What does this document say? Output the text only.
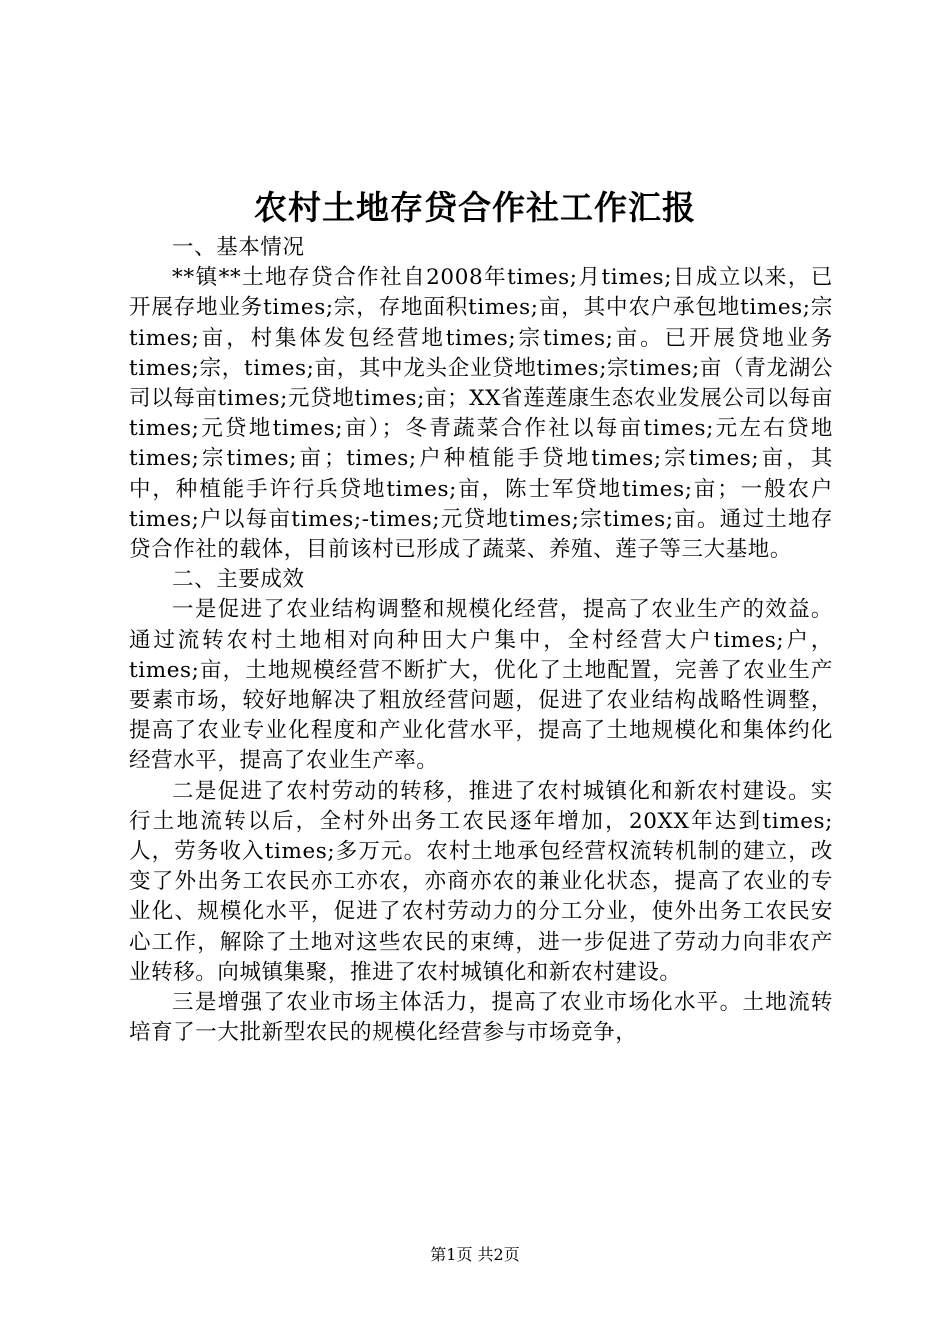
农村土地存贷合作社工作汇报

一、基本情况

**镇**土地存贷合作社自2008年times;月times;日成立以来，已开展存地业务times;宗，存地面积times;亩，其中农户承包地times;宗times;亩，村集体发包经营地times;宗times;亩。已开展贷地业务times;宗，times;亩，其中龙头企业贷地times;宗times;亩（青龙湖公司以每亩times;元贷地times;亩；XX省莲莲康生态农业发展公司以每亩times;元贷地times;亩）；冬青蔬菜合作社以每亩times;元左右贷地times;宗times;亩；times;户种植能手贷地times;宗times;亩，其中，种植能手许行兵贷地times;亩，陈士军贷地times;亩；一般农户times;户以每亩times;-times;元贷地times;宗times;亩。通过土地存贷合作社的载体，目前该村已形成了蔬菜、养殖、莲子等三大基地。

二、主要成效

一是促进了农业结构调整和规模化经营，提高了农业生产的效益。通过流转农村土地相对向种田大户集中，全村经营大户times;户，times;亩，土地规模经营不断扩大，优化了土地配置，完善了农业生产要素市场，较好地解决了粗放经营问题，促进了农业结构战略性调整，提高了农业专业化程度和产业化营水平，提高了土地规模化和集体约化经营水平，提高了农业生产率。

二是促进了农村劳动的转移，推进了农村城镇化和新农村建设。实行土地流转以后，全村外出务工农民逐年增加，20XX年达到times;人，劳务收入times;多万元。农村土地承包经营权流转机制的建立，改变了外出务工农民亦工亦农，亦商亦农的兼业化状态，提高了农业的专业化、规模化水平，促进了农村劳动力的分工分业，使外出务工农民安心工作，解除了土地对这些农民的束缚，进一步促进了劳动力向非农产业转移。向城镇集聚，推进了农村城镇化和新农村建设。

三是增强了农业市场主体活力，提高了农业市场化水平。土地流转培育了一大批新型农民的规模化经营参与市场竞争，

第1页 共2页
